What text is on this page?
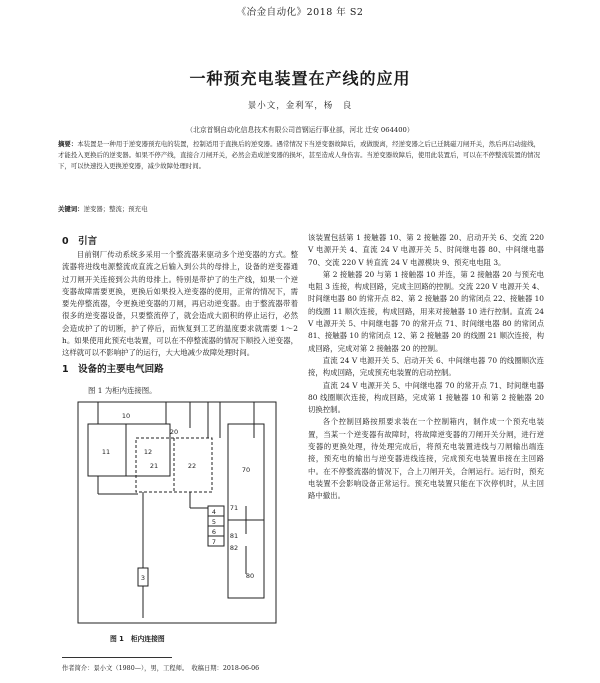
《冶金自动化》2018 年 S2
一种预充电装置在产线的应用
景小文，金利军，杨　良
（北京首钢自动化信息技术有限公司首钢运行事业部，河北 迁安 064400）
摘要：本装置是一种用于逆变器预充电的装置，控制适用于直换后的逆变器。遇常情况下当逆变器故障后，或做脱离，经逆变器之后已迁跳磁刀闸开关，然后再启动接线，才能投入更换后的逆变器。如果不停产线，直接合刀闸开关，必然会造成逆变器的损坏，甚至造成人身伤害。当逆变器故障后，使用此装置后，可以在不停整流装置的情况下，可以快速投入更换逆变器，减少故障处理时间。
关键词：逆变器；整流；预充电
0　引言

目前钢厂传动系统多采用一个整流器来驱动多个逆变器的方式。整流器将进线电源整流成直流之后输入到公共的母排上，设备的逆变器通过刀闸开关连接到公共的母排上。特别是带护了的生产线，如果一个逆变器故障需要更换，更换后如果投入逆变器的使用，正常的情况下，需要先停整流器，令更换逆变器的刀闸，再启动逆变器。由于整流器带着很多的逆变器设备，只要整流停了，就会造成大面积的停止运行，必然会造成护了的切断，护了停后，而恢复到工艺的温度要求就需要 1～2 h。如果使用此预充电装置，可以在不停整流器的情况下顺投入逆变器，这样就可以不影响护了的运行，大大地减少故障处理时间。

1　设备的主要电气回路
图 1 为柜内连接图。
11
21
12
22
10
20
70
71
81
80
82
3
4
5
6
7
图 1　柜内连接图

该装置包括第 1 接触器 10、第 2 接触器 20、启动开关 6、交流 220 V 电源开关 4、直流 24 V 电源开关 5、时间继电器 80、中间继电器 70、交流 220 V 转直流 24 V 电源模块 9、预充电电阻 3。

第 2 接触器 20 与第 1 接触器 10 并连，第 2 接触器 20 与预充电电阻 3 连接，构成回路，完成主回路的控制。交流 220 V 电源开关 4、时间继电器 80 的常开点 82、第 2 接触器 20 的常闭点 22、接触器 10 的线圈 11 顺次连接，构成回路，用来对接触器 10 进行控制。直流 24 V 电源开关 5、中间继电器 70 的常开点 71、时间继电器 80 的常闭点 81、接触器 10 的常闭点 12、第 2 接触器 20 的线圈 21 顺次连接，构成回路，完成对第 2 接触器 20 的控制。

直流 24 V 电源开关 5、启动开关 6、中间继电器 70 的线圈顺次连接，构成回路，完成预充电装置的启动控制。

直流 24 V 电源开关 5、中间继电器 70 的常开点 71、时间继电器 80 线圈顺次连接，构成回路，完成第 1 接触器 10 和第 2 接触器 20 切换控制。

各个控制回路按照要求装在一个控制箱内，制作成一个预充电装置，当某一个逆变器有故障时，将故障逆变器的刀闸开关分闸，进行逆变器的更换处理，待处理完成后，将预充电装置进线与刀闸输出端连接，预充电的输出与逆变器进线连接，完成预充电装置串接在主回路中。在不停整流器的情况下，合上刀闸开关，合闸运行。运行时，预充电装置不会影响设备正常运行。预充电装置只能在下次停机时，从主回路中撤出。

作者简介：景小文（1980—），男，工程师。　收稿日期：2018-06-06
